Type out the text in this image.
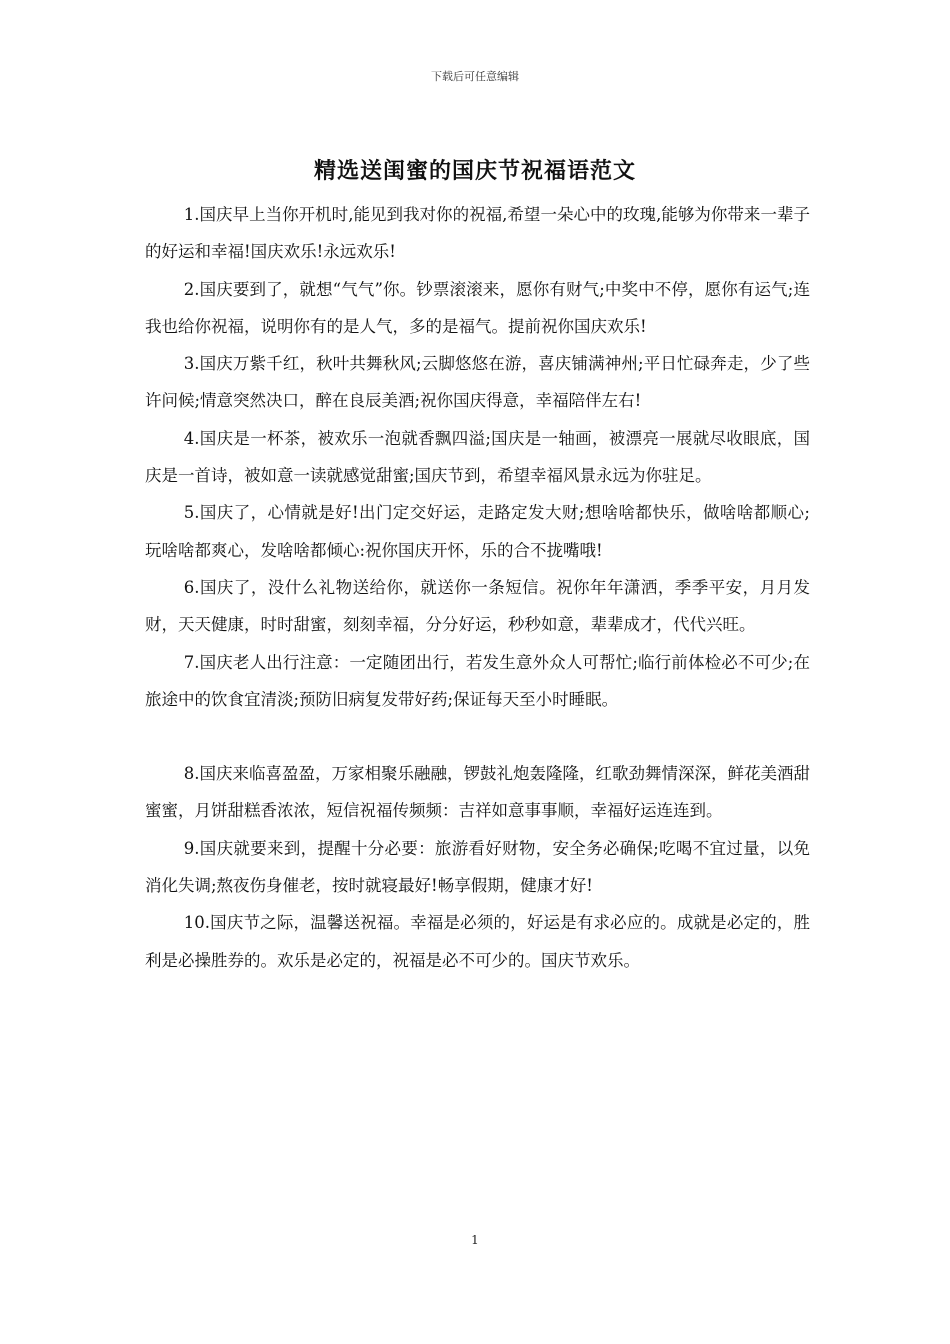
下载后可任意编辑
精选送闺蜜的国庆节祝福语范文

1.国庆早上当你开机时,能见到我对你的祝福,希望一朵心中的玫瑰,能够为你带来一辈子的好运和幸福!国庆欢乐!永远欢乐!

2.国庆要到了，就想“气气”你。钞票滚滚来，愿你有财气;中奖中不停，愿你有运气;连我也给你祝福，说明你有的是人气，多的是福气。提前祝你国庆欢乐!

3.国庆万紫千红，秋叶共舞秋风;云脚悠悠在游，喜庆铺满神州;平日忙碌奔走，少了些许问候;情意突然决口，醉在良辰美酒;祝你国庆得意，幸福陪伴左右!

4.国庆是一杯茶，被欢乐一泡就香飘四溢;国庆是一轴画，被漂亮一展就尽收眼底，国庆是一首诗，被如意一读就感觉甜蜜;国庆节到，希望幸福风景永远为你驻足。

5.国庆了，心情就是好!出门定交好运，走路定发大财;想啥啥都快乐，做啥啥都顺心;玩啥啥都爽心，发啥啥都倾心:祝你国庆开怀，乐的合不拢嘴哦!

6.国庆了，没什么礼物送给你，就送你一条短信。祝你年年潇洒，季季平安，月月发财，天天健康，时时甜蜜，刻刻幸福，分分好运，秒秒如意，辈辈成才，代代兴旺。

7.国庆老人出行注意：一定随团出行，若发生意外众人可帮忙;临行前体检必不可少;在旅途中的饮食宜清淡;预防旧病复发带好药;保证每天至小时睡眠。

8.国庆来临喜盈盈，万家相聚乐融融，锣鼓礼炮轰隆隆，红歌劲舞情深深，鲜花美酒甜蜜蜜，月饼甜糕香浓浓，短信祝福传频频：吉祥如意事事顺，幸福好运连连到。

9.国庆就要来到，提醒十分必要：旅游看好财物，安全务必确保;吃喝不宜过量，以免消化失调;熬夜伤身催老，按时就寝最好!畅享假期，健康才好!

10.国庆节之际，温馨送祝福。幸福是必须的，好运是有求必应的。成就是必定的，胜利是必操胜券的。欢乐是必定的，祝福是必不可少的。国庆节欢乐。

1
